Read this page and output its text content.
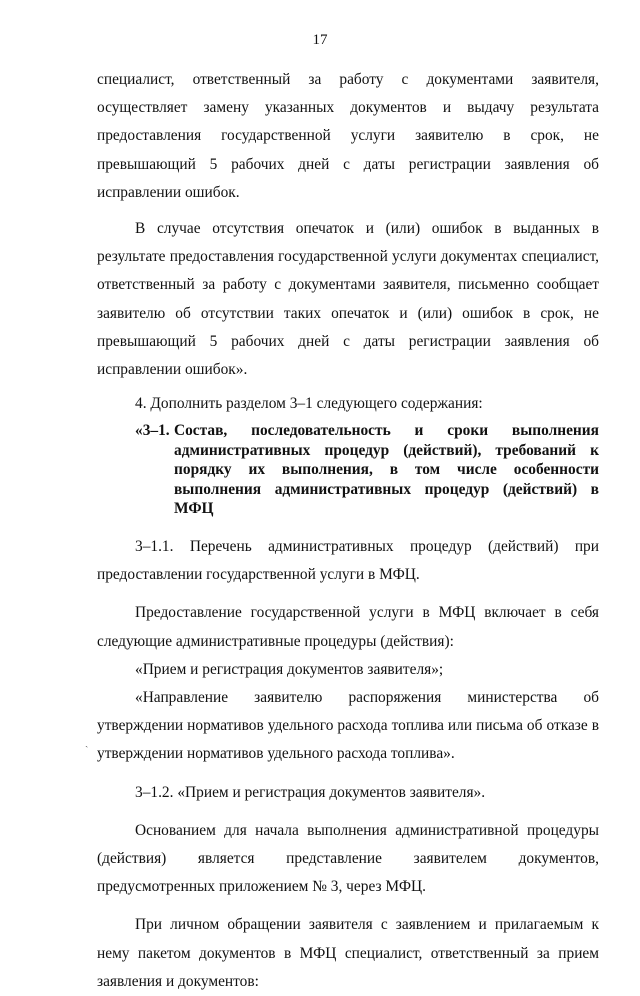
17

специалист, ответственный за работу с документами заявителя, осуществляет замену указанных документов и выдачу результата предоставления государственной услуги заявителю в срок, не превышающий 5 рабочих дней с даты регистрации заявления об исправлении ошибок.

В случае отсутствия опечаток и (или) ошибок в выданных в результате предоставления государственной услуги документах специалист, ответственный за работу с документами заявителя, письменно сообщает заявителю об отсутствии таких опечаток и (или) ошибок в срок, не превышающий 5 рабочих дней с даты регистрации заявления об исправлении ошибок».

4. Дополнить разделом 3–1 следующего содержания:

«3–1. Состав, последовательность и сроки выполнения административных процедур (действий), требований к порядку их выполнения, в том числе особенности выполнения административных процедур (действий) в МФЦ

3–1.1. Перечень административных процедур (действий) при предоставлении государственной услуги в МФЦ.

Предоставление государственной услуги в МФЦ включает в себя следующие административные процедуры (действия):

«Прием и регистрация документов заявителя»;

«Направление заявителю распоряжения министерства об утверждении нормативов удельного расхода топлива или письма об отказе в утверждении нормативов удельного расхода топлива».

3–1.2. «Прием и регистрация документов заявителя».

Основанием для начала выполнения административной процедуры (действия) является представление заявителем документов, предусмотренных приложением № 3, через МФЦ.

При личном обращении заявителя с заявлением и прилагаемым к нему пакетом документов в МФЦ специалист, ответственный за прием заявления и документов:

ˎ
